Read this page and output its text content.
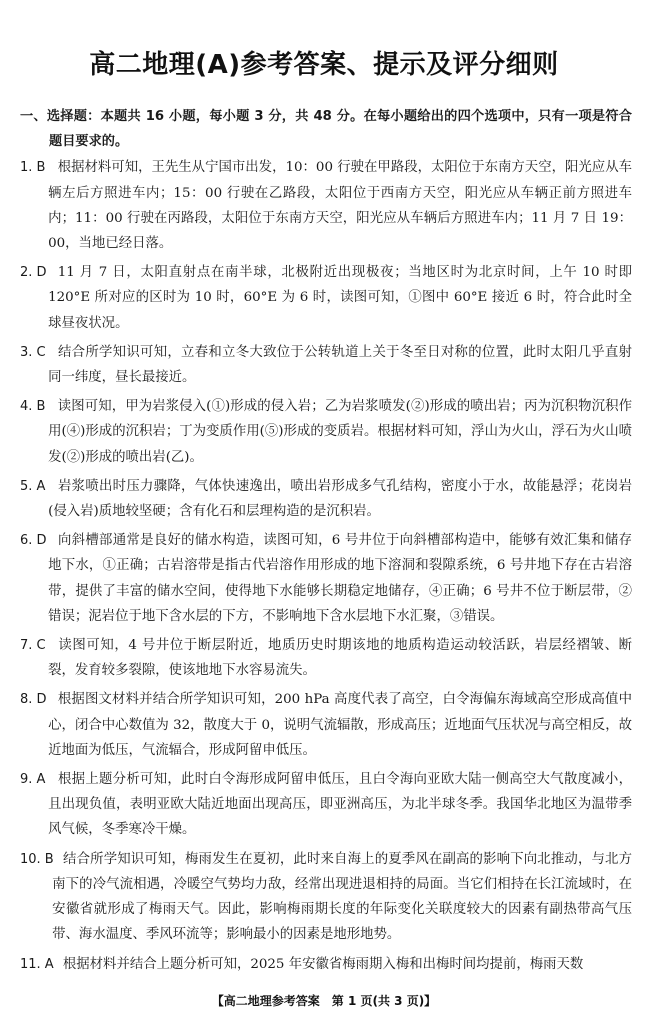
高二地理(A)参考答案、提示及评分细则
一、选择题：本题共 16 小题，每小题 3 分，共 48 分。在每小题给出的四个选项中，只有一项是符合题目要求的。
1. B 根据材料可知，王先生从宁国市出发，10：00 行驶在甲路段，太阳位于东南方天空，阳光应从车辆左后方照进车内；15：00 行驶在乙路段，太阳位于西南方天空，阳光应从车辆正前方照进车内；11：00 行驶在丙路段，太阳位于东南方天空，阳光应从车辆后方照进车内；11 月 7 日 19：00，当地已经日落。
2. D 11 月 7 日，太阳直射点在南半球，北极附近出现极夜；当地区时为北京时间，上午 10 时即 120°E 所对应的区时为 10 时，60°E 为 6 时，读图可知，①图中 60°E 接近 6 时，符合此时全球昼夜状况。
3. C 结合所学知识可知，立春和立冬大致位于公转轨道上关于冬至日对称的位置，此时太阳几乎直射同一纬度，昼长最接近。
4. B 读图可知，甲为岩浆侵入(①)形成的侵入岩；乙为岩浆喷发(②)形成的喷出岩；丙为沉积物沉积作用(④)形成的沉积岩；丁为变质作用(⑤)形成的变质岩。根据材料可知，浮山为火山，浮石为火山喷发(②)形成的喷出岩(乙)。
5. A 岩浆喷出时压力骤降，气体快速逸出，喷出岩形成多气孔结构，密度小于水，故能悬浮；花岗岩(侵入岩)质地较坚硬；含有化石和层理构造的是沉积岩。
6. D 向斜槽部通常是良好的储水构造，读图可知，6 号井位于向斜槽部构造中，能够有效汇集和储存地下水，①正确；古岩溶带是指古代岩溶作用形成的地下溶洞和裂隙系统，6 号井地下存在古岩溶带，提供了丰富的储水空间，使得地下水能够长期稳定地储存，④正确；6 号井不位于断层带，②错误；泥岩位于地下含水层的下方，不影响地下含水层地下水汇聚，③错误。
7. C 读图可知，4 号井位于断层附近，地质历史时期该地的地质构造运动较活跃，岩层经褶皱、断裂，发育较多裂隙，使该地地下水容易流失。
8. D 根据图文材料并结合所学知识可知，200 hPa 高度代表了高空，白令海偏东海域高空形成高值中心，闭合中心数值为 32，散度大于 0，说明气流辐散，形成高压；近地面气压状况与高空相反，故近地面为低压，气流辐合，形成阿留申低压。
9. A 根据上题分析可知，此时白令海形成阿留申低压，且白令海向亚欧大陆一侧高空大气散度减小，且出现负值，表明亚欧大陆近地面出现高压，即亚洲高压，为北半球冬季。我国华北地区为温带季风气候，冬季寒冷干燥。
10. B 结合所学知识可知，梅雨发生在夏初，此时来自海上的夏季风在副高的影响下向北推动，与北方南下的冷气流相遇，冷暖空气势均力敌，经常出现进退相持的局面。当它们相持在长江流域时，在安徽省就形成了梅雨天气。因此，影响梅雨期长度的年际变化关联度较大的因素有副热带高气压带、海水温度、季风环流等；影响最小的因素是地形地势。
11. A 根据材料并结合上题分析可知，2025 年安徽省梅雨期入梅和出梅时间均提前，梅雨天数
【高二地理参考答案　第 1 页(共 3 页)】
